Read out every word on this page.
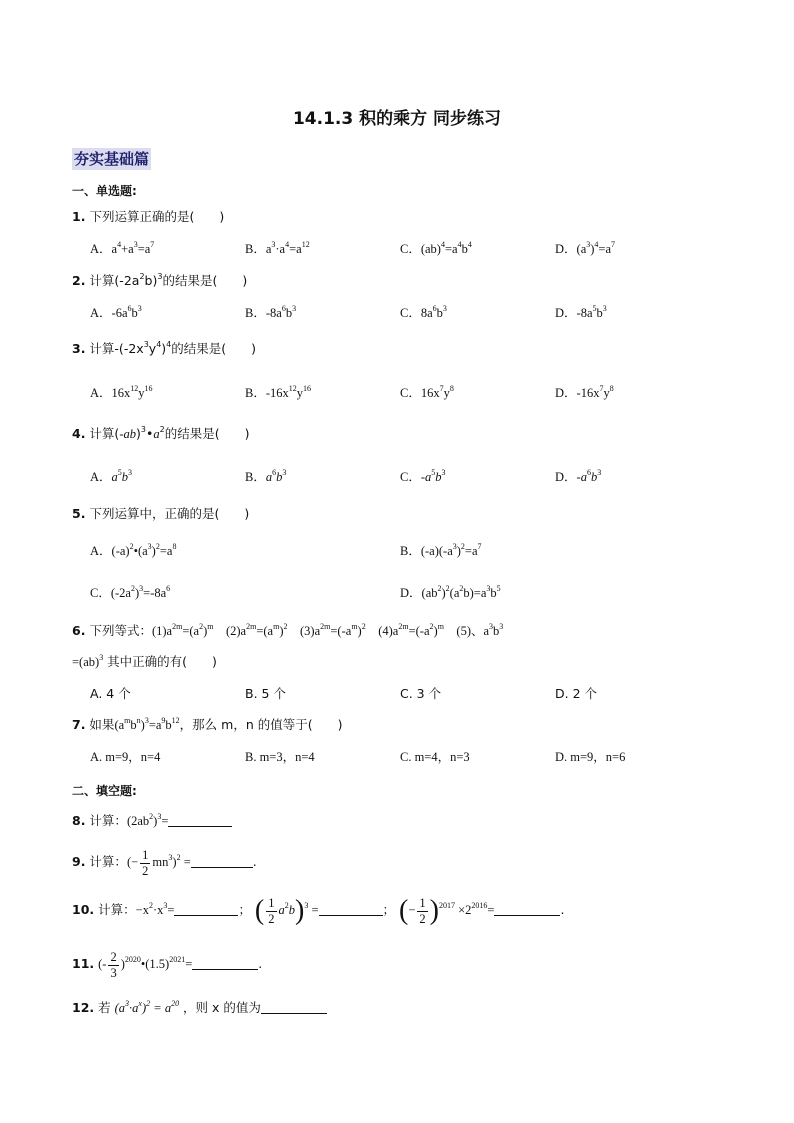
14.1.3 积的乘方 同步练习
夯实基础篇
一、单选题:
1. 下列运算正确的是(　　)
A．$a^4+a^3=a^7$	B．$a^3\cdot a^4=a^{12}$	C．$(ab)^4=a^4b^4$	D．$(a^3)^4=a^7$
2. 计算$(-2a^2b)^3$的结果是(　　)
A．$-6a^6b^3$	B．$-8a^6b^3$	C．$8a^6b^3$	D．$-8a^5b^3$
3. 计算$-(-2x^3y^4)^4$的结果是(　　)
A．$16x^{12}y^{16}$	B．$-16x^{12}y^{16}$	C．$16x^7y^8$	D．$-16x^7y^8$
4. 计算$(-ab)^3•a^2$的结果是(　　)
A．$a^5b^3$	B．$a^6b^3$	C．$-a^5b^3$	D．$-a^6b^3$
5. 下列运算中，正确的是(　　)
A．$(-a)^2•(a^3)^2=a^8$	B．$(-a)(-a^3)^2=a^7$
C．$(-2a^2)^3=-8a^6$	D．$(ab^2)^2(a^2b)=a^3b^5$
6. 下列等式：$(1)a^{2m}=(a^2)^m$　$(2)a^{2m}=(a^m)^2$　$(3)a^{2m}=(-a^m)^2$　$(4)a^{2m}=(-a^2)^m$　(5)、$a^3b^3$
=(ab)$^3$ 其中正确的有(　　)
A. 4 个	B. 5 个	C. 3 个	D. 2 个
7. 如果$(a^mb^n)^3=a^9b^{12}$，那么 m，n 的值等于(　　)
A. m=9，n=4	B. m=3，n=4	C. m=4，n=3	D. m=9，n=6
二、填空题:
8. 计算：$(2ab^2)^3=$
9. 计算：(− $\frac{1}{2} mn^3)^2$ =	.
10. 计算：$-x^2\cdot x^3=$	； ( $\frac{1}{2} a^2b)^3$ =	； (− $\frac{1}{2} )^{2017} \times 2^{2016}=$	.
11. (- $\frac{2}{3}$ )$^{2020}•(1.5)^{2021}=$	.
12. 若 $(a^3\cdot a^x)^2 = a^{20}$ ，则 x 的值为
